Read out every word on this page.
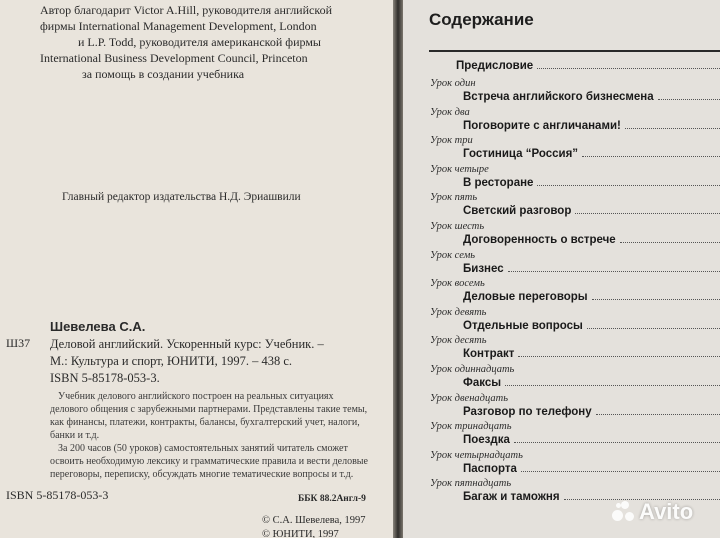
Автор благодарит Victor A.Hill, руководителя английской
фирмы International Management Development, London
и L.P. Todd, руководителя американской фирмы
International Business Development Council, Princeton
за помощь в создании учебника
Главный редактор издательства Н.Д. Эриашвили
Шевелева С.А.
Ш37 Деловой английский. Ускоренный курс: Учебник. –
М.: Культура и спорт, ЮНИТИ, 1997. – 438 с.
ISBN 5-85178-053-3.
Учебник делового английского построен на реальных ситуациях
делового общения с зарубежными партнерами. Представлены такие темы,
как финансы, платежи, контракты, балансы, бухгалтерский учет, налоги,
банки и т.д.
За 200 часов (50 уроков) самостоятельных занятий читатель сможет
освоить необходимую лексику и грамматические правила и вести деловые
переговоры, переписку, обсуждать многие тематические вопросы и т.д.
ISBN 5-85178-053-3	ББК 88.2Англ-9
© С.А. Шевелева, 1997
© ЮНИТИ, 1997
Содержание
Предисловие
Урок один
Встреча английского бизнесмена
Урок два
Поговорите с англичанами!
Урок три
Гостиница “Россия”
Урок четыре
В ресторане
Урок пять
Светский разговор
Урок шесть
Договоренность о встрече
Урок семь
Бизнес
Урок восемь
Деловые переговоры
Урок девять
Отдельные вопросы
Урок десять
Контракт
Урок одиннадцать
Факсы
Урок двенадцать
Разговор по телефону
Урок тринадцать
Поездка
Урок четырнадцать
Паспорта
Урок пятнадцать
Багаж и таможня
Avito
